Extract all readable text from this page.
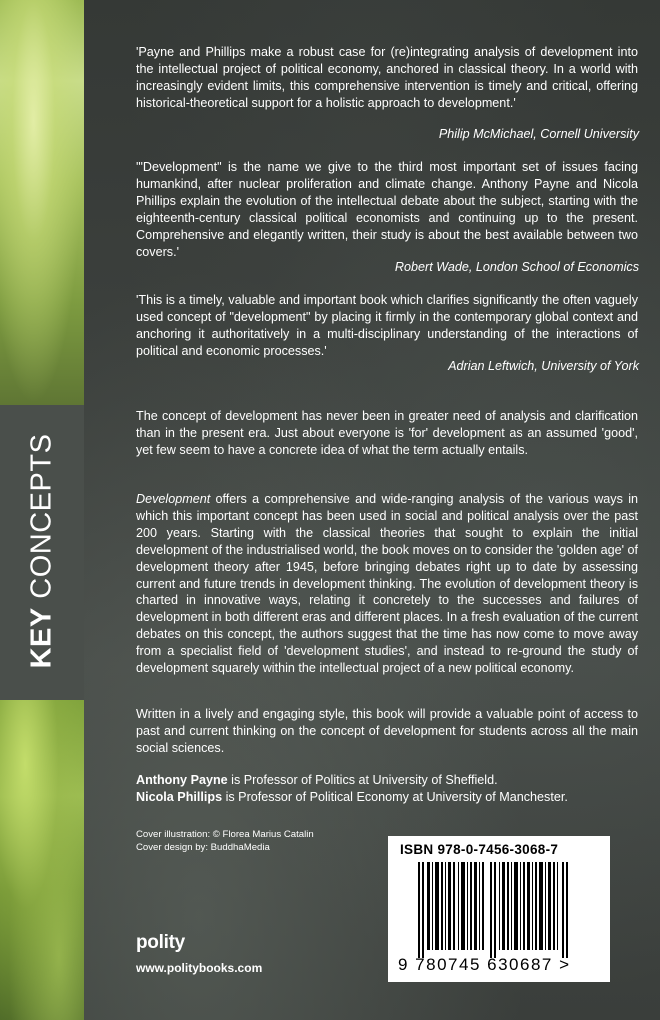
KEY CONCEPTS
'Payne and Phillips make a robust case for (re)integrating analysis of development into the intellectual project of political economy, anchored in classical theory. In a world with increasingly evident limits, this comprehensive intervention is timely and critical, offering historical-theoretical support for a holistic approach to development.'
Philip McMichael, Cornell University
'"Development" is the name we give to the third most important set of issues facing humankind, after nuclear proliferation and climate change. Anthony Payne and Nicola Phillips explain the evolution of the intellectual debate about the subject, starting with the eighteenth-century classical political economists and continuing up to the present. Comprehensive and elegantly written, their study is about the best available between two covers.'
Robert Wade, London School of Economics
'This is a timely, valuable and important book which clarifies significantly the often vaguely used concept of "development" by placing it firmly in the contemporary global context and anchoring it authoritatively in a multi-disciplinary understanding of the interactions of political and economic processes.'
Adrian Leftwich, University of York
The concept of development has never been in greater need of analysis and clarification than in the present era. Just about everyone is 'for' development as an assumed 'good', yet few seem to have a concrete idea of what the term actually entails.
Development offers a comprehensive and wide-ranging analysis of the various ways in which this important concept has been used in social and political analysis over the past 200 years. Starting with the classical theories that sought to explain the initial development of the industrialised world, the book moves on to consider the 'golden age' of development theory after 1945, before bringing debates right up to date by assessing current and future trends in development thinking. The evolution of development theory is charted in innovative ways, relating it concretely to the successes and failures of development in both different eras and different places. In a fresh evaluation of the current debates on this concept, the authors suggest that the time has now come to move away from a specialist field of 'development studies', and instead to re-ground the study of development squarely within the intellectual project of a new political economy.
Written in a lively and engaging style, this book will provide a valuable point of access to past and current thinking on the concept of development for students across all the main social sciences.
Anthony Payne is Professor of Politics at University of Sheffield.
Nicola Phillips is Professor of Political Economy at University of Manchester.
Cover illustration: © Florea Marius Catalin
Cover design by: BuddhaMedia	ISBN 978-0-7456-3068-7
9 780745 630687 >
polity
www.politybooks.com
